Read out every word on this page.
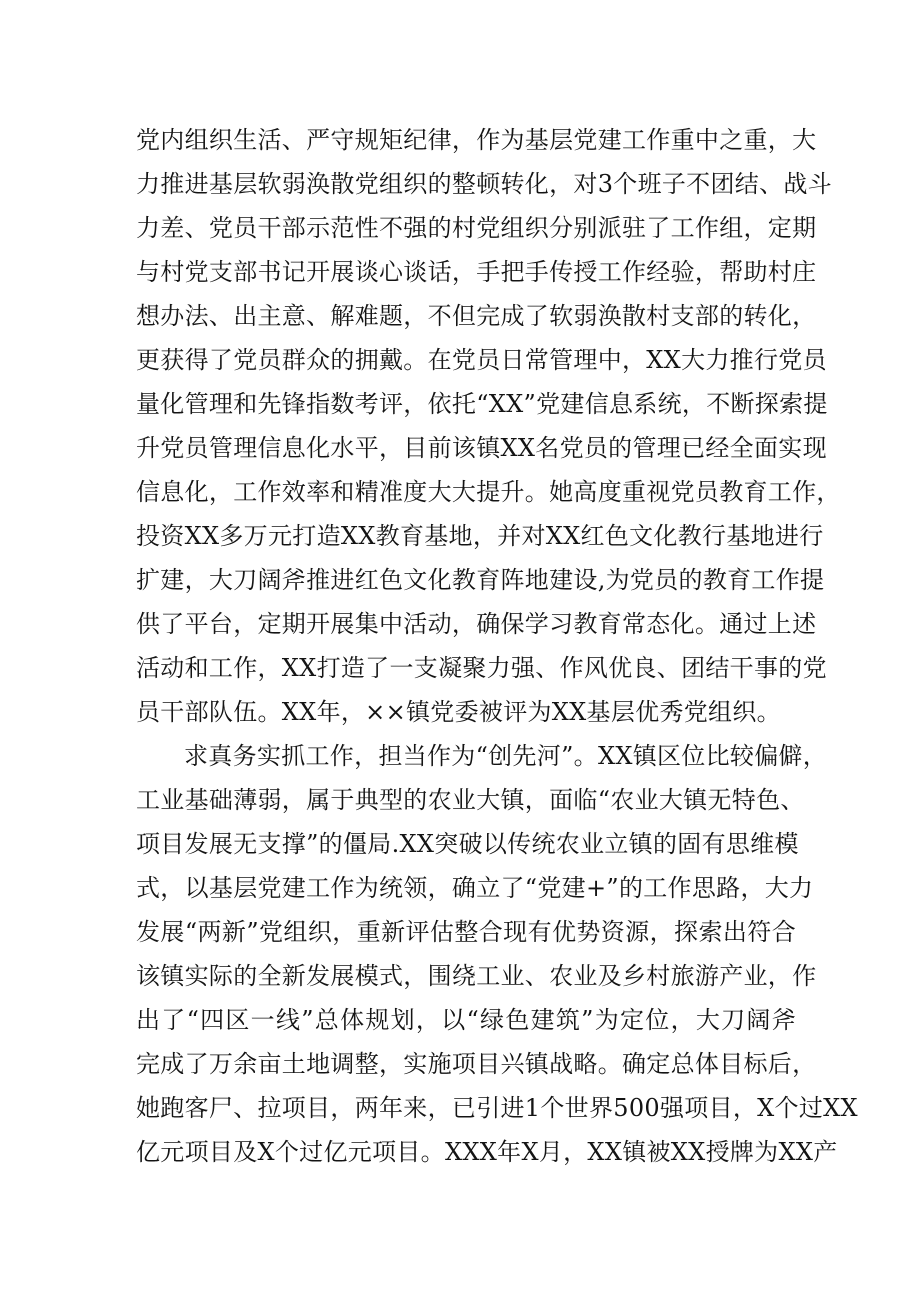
党内组织生活、严守规矩纪律，作为基层党建工作重中之重，大
力推进基层软弱涣散党组织的整顿转化，对3个班子不团结、战斗
力差、党员干部示范性不强的村党组织分别派驻了工作组，定期
与村党支部书记开展谈心谈话，手把手传授工作经验，帮助村庄
想办法、出主意、解难题，不但完成了软弱涣散村支部的转化，
更获得了党员群众的拥戴。在党员日常管理中，XX大力推行党员
量化管理和先锋指数考评，依托“XX”党建信息系统，不断探索提
升党员管理信息化水平，目前该镇XX名党员的管理已经全面实现
信息化，工作效率和精准度大大提升。她高度重视党员教育工作，
投资XX多万元打造XX教育基地，并对XX红色文化教行基地进行
扩建，大刀阔斧推进红色文化教育阵地建设,为党员的教育工作提
供了平台，定期开展集中活动，确保学习教育常态化。通过上述
活动和工作，XX打造了一支凝聚力强、作风优良、团结干事的党
员干部队伍。XX年，××镇党委被评为XX基层优秀党组织。
求真务实抓工作，担当作为“创先河”。XX镇区位比较偏僻，
工业基础薄弱，属于典型的农业大镇，面临“农业大镇无特色、
项目发展无支撑”的僵局.XX突破以传统农业立镇的固有思维模
式，以基层党建工作为统领，确立了“党建+”的工作思路，大力
发展“两新”党组织，重新评估整合现有优势资源，探索出符合
该镇实际的全新发展模式，围绕工业、农业及乡村旅游产业，作
出了“四区一线”总体规划，以“绿色建筑”为定位，大刀阔斧
完成了万余亩土地调整，实施项目兴镇战略。确定总体目标后，
她跑客尸、拉项目，两年来，已引进1个世界500强项目，X个过XX
亿元项目及X个过亿元项目。XXX年X月，XX镇被XX授牌为XX产
